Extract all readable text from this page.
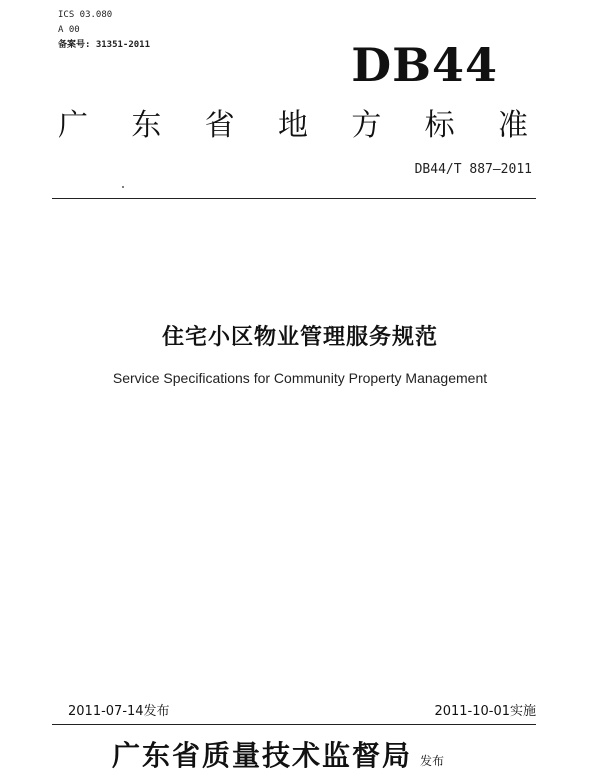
ICS 03.080
A 00
备案号: 31351-2011	DB44
广 东 省 地 方 标 准
DB44/T 887—2011
住宅小区物业管理服务规范
Service Specifications for Community Property Management
2011-07-14发布	2011-10-01实施
广东省质量技术监督局 发布
